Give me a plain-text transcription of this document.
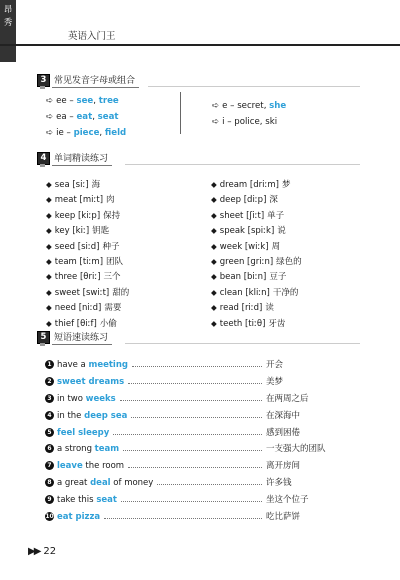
昂
秀
英语入门王
3 常见发音字母或组合
➪ ee – see, tree
➪ ea – eat, seat
➪ ie – piece, field
➪ e – secret, she
➪ i – police, ski
4 单词精读练习
◆ sea [siː] 海
◆ meat [miːt] 肉
◆ keep [kiːp] 保持
◆ key [kiː] 钥匙
◆ seed [siːd] 种子
◆ team [tiːm] 团队
◆ three [θriː] 三个
◆ sweet [swiːt] 甜的
◆ need [niːd] 需要
◆ thief [θiːf] 小偷
◆ dream [driːm] 梦
◆ deep [diːp] 深
◆ sheet [ʃiːt] 单子
◆ speak [spiːk] 说
◆ week [wiːk] 周
◆ green [ɡriːn] 绿色的
◆ bean [biːn] 豆子
◆ clean [kliːn] 干净的
◆ read [riːd] 读
◆ teeth [tiːθ] 牙齿
5 短语速读练习
1 have a meeting	开会
2 sweet dreams	美梦
3 in two weeks	在两周之后
4 in the deep sea	在深海中
5 feel sleepy	感到困倦
6 a strong team	一支强大的团队
7 leave the room	离开房间
8 a great deal of money	许多钱
9 take this seat	坐这个位子
10 eat pizza	吃比萨饼
▶▶ 22
